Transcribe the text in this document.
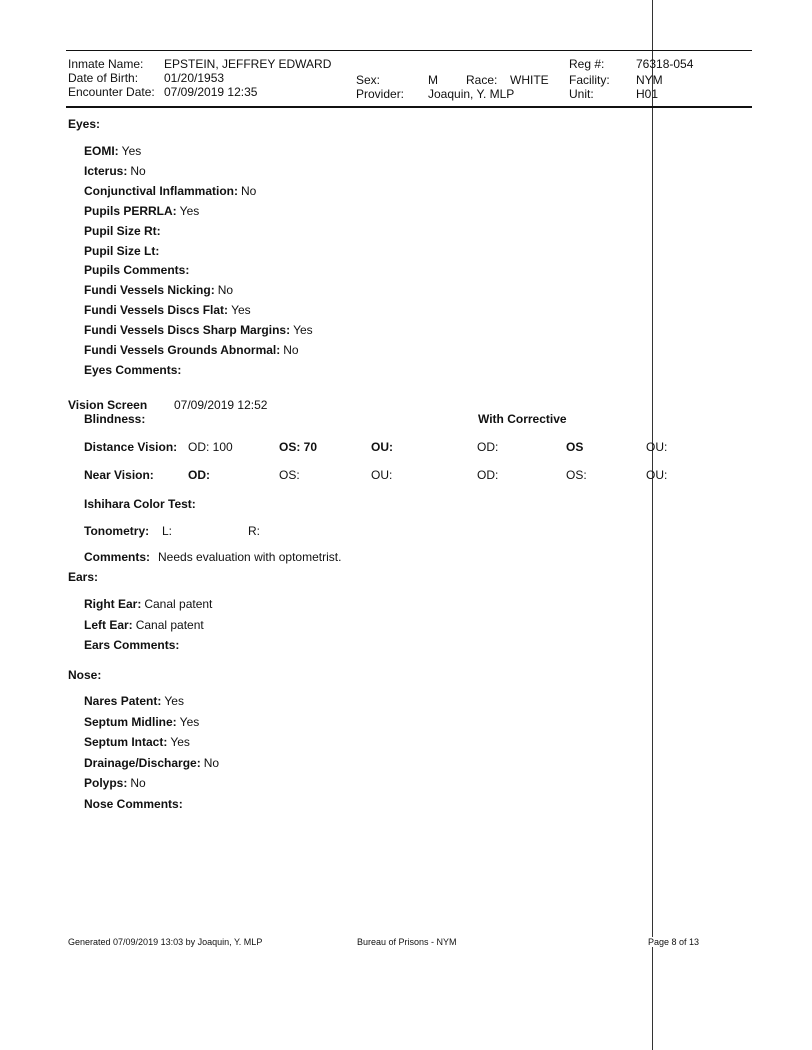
Inmate Name: EPSTEIN, JEFFREY EDWARD	Reg #:	76318-054
Date of Birth: 01/20/1953	Sex:	M Race: WHITE Facility: NYM
Encounter Date: 07/09/2019 12:35	Provider: Joaquin, Y. MLP	Unit:	H01
Eyes:
EOMI: Yes
Icterus: No
Conjunctival Inflammation: No
Pupils PERRLA: Yes
Pupil Size Rt:
Pupil Size Lt:
Pupils Comments:
Fundi Vessels Nicking: No
Fundi Vessels Discs Flat: Yes
Fundi Vessels Discs Sharp Margins: Yes
Fundi Vessels Grounds Abnormal: No
Eyes Comments:
Vision Screen 07/09/2019 12:52
Blindness:	With Corrective
Distance Vision: OD: 100	OS: 70	OU:	OD:	OS	OU:
Near Vision:	OD:	OS:	OU:	OD:	OS:	OU:
Ishihara Color Test:
Tonometry: L:	R:
Comments: Needs evaluation with optometrist.
Ears:
Right Ear: Canal patent
Left Ear: Canal patent
Ears Comments:
Nose:
Nares Patent: Yes
Septum Midline: Yes
Septum Intact: Yes
Drainage/Discharge: No
Polyps: No
Nose Comments:
Generated 07/09/2019 13:03 by Joaquin, Y. MLP	Bureau of Prisons - NYM	Page 8 of 13
